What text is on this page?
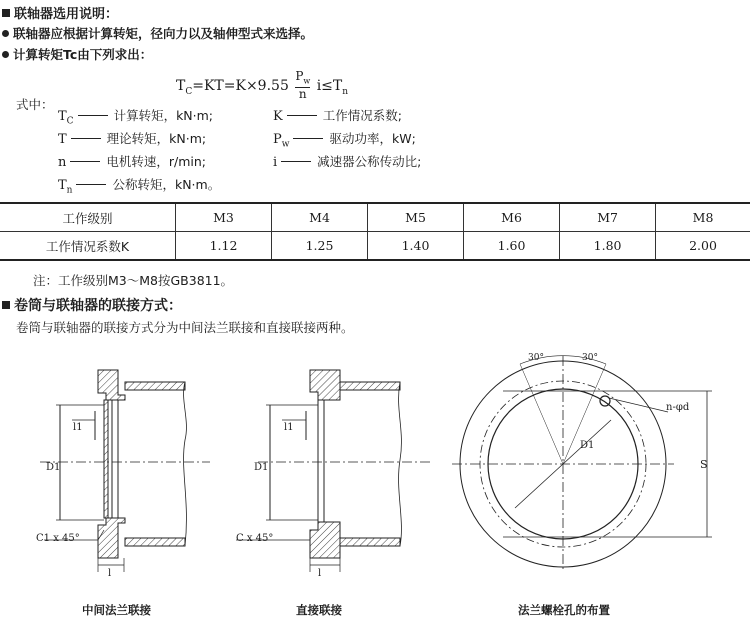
联轴器选用说明：
联轴器应根据计算转矩，径向力以及轴伸型式来选择。
计算转矩Tc由下列求出：
$T_C=KT=K\times 9.55 \frac{P_w}{n} i\le T_n$
式中：
$T_C$	计算转矩，kN·m;	K	工作情况系数;
T	理论转矩，kN·m;	$P_w$	驱动功率，kW;
n	电机转速，r/min;	i	减速器公称传动比;
$T_n$	公称转矩，kN·m。
工作级别	M3	M4	M5	M6	M7	M8
工作情况系数K	1.12	1.25	1.40	1.60	1.80	2.00
注：工作级别M3～M8按GB3811。
卷筒与联轴器的联接方式：
卷筒与联轴器的联接方式分为中间法兰联接和直接联接两种。
l1
D1
C1 x 45°
l
l1
D1
C x 45°
l
30°	30°
n-φd
D1
S
中间法兰联接	直接联接	法兰螺栓孔的布置
